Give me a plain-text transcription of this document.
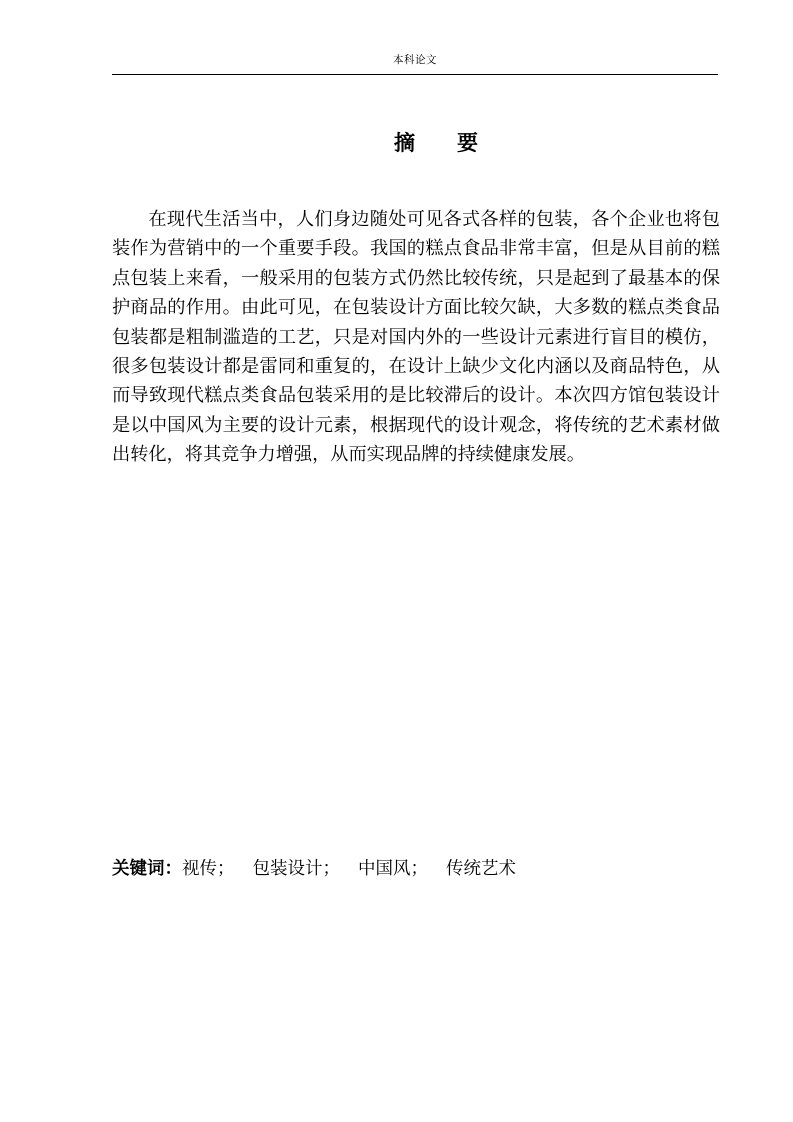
本科论文
摘 要

在现代生活当中，人们身边随处可见各式各样的包装，各个企业也将包装作为营销中的一个重要手段。我国的糕点食品非常丰富，但是从目前的糕点包装上来看，一般采用的包装方式仍然比较传统，只是起到了最基本的保护商品的作用。由此可见，在包装设计方面比较欠缺，大多数的糕点类食品包装都是粗制滥造的工艺，只是对国内外的一些设计元素进行盲目的模仿，很多包装设计都是雷同和重复的，在设计上缺少文化内涵以及商品特色，从而导致现代糕点类食品包装采用的是比较滞后的设计。本次四方馆包装设计是以中国风为主要的设计元素，根据现代的设计观念，将传统的艺术素材做出转化，将其竞争力增强，从而实现品牌的持续健康发展。

关键词：视传； 包装设计； 中国风； 传统艺术
